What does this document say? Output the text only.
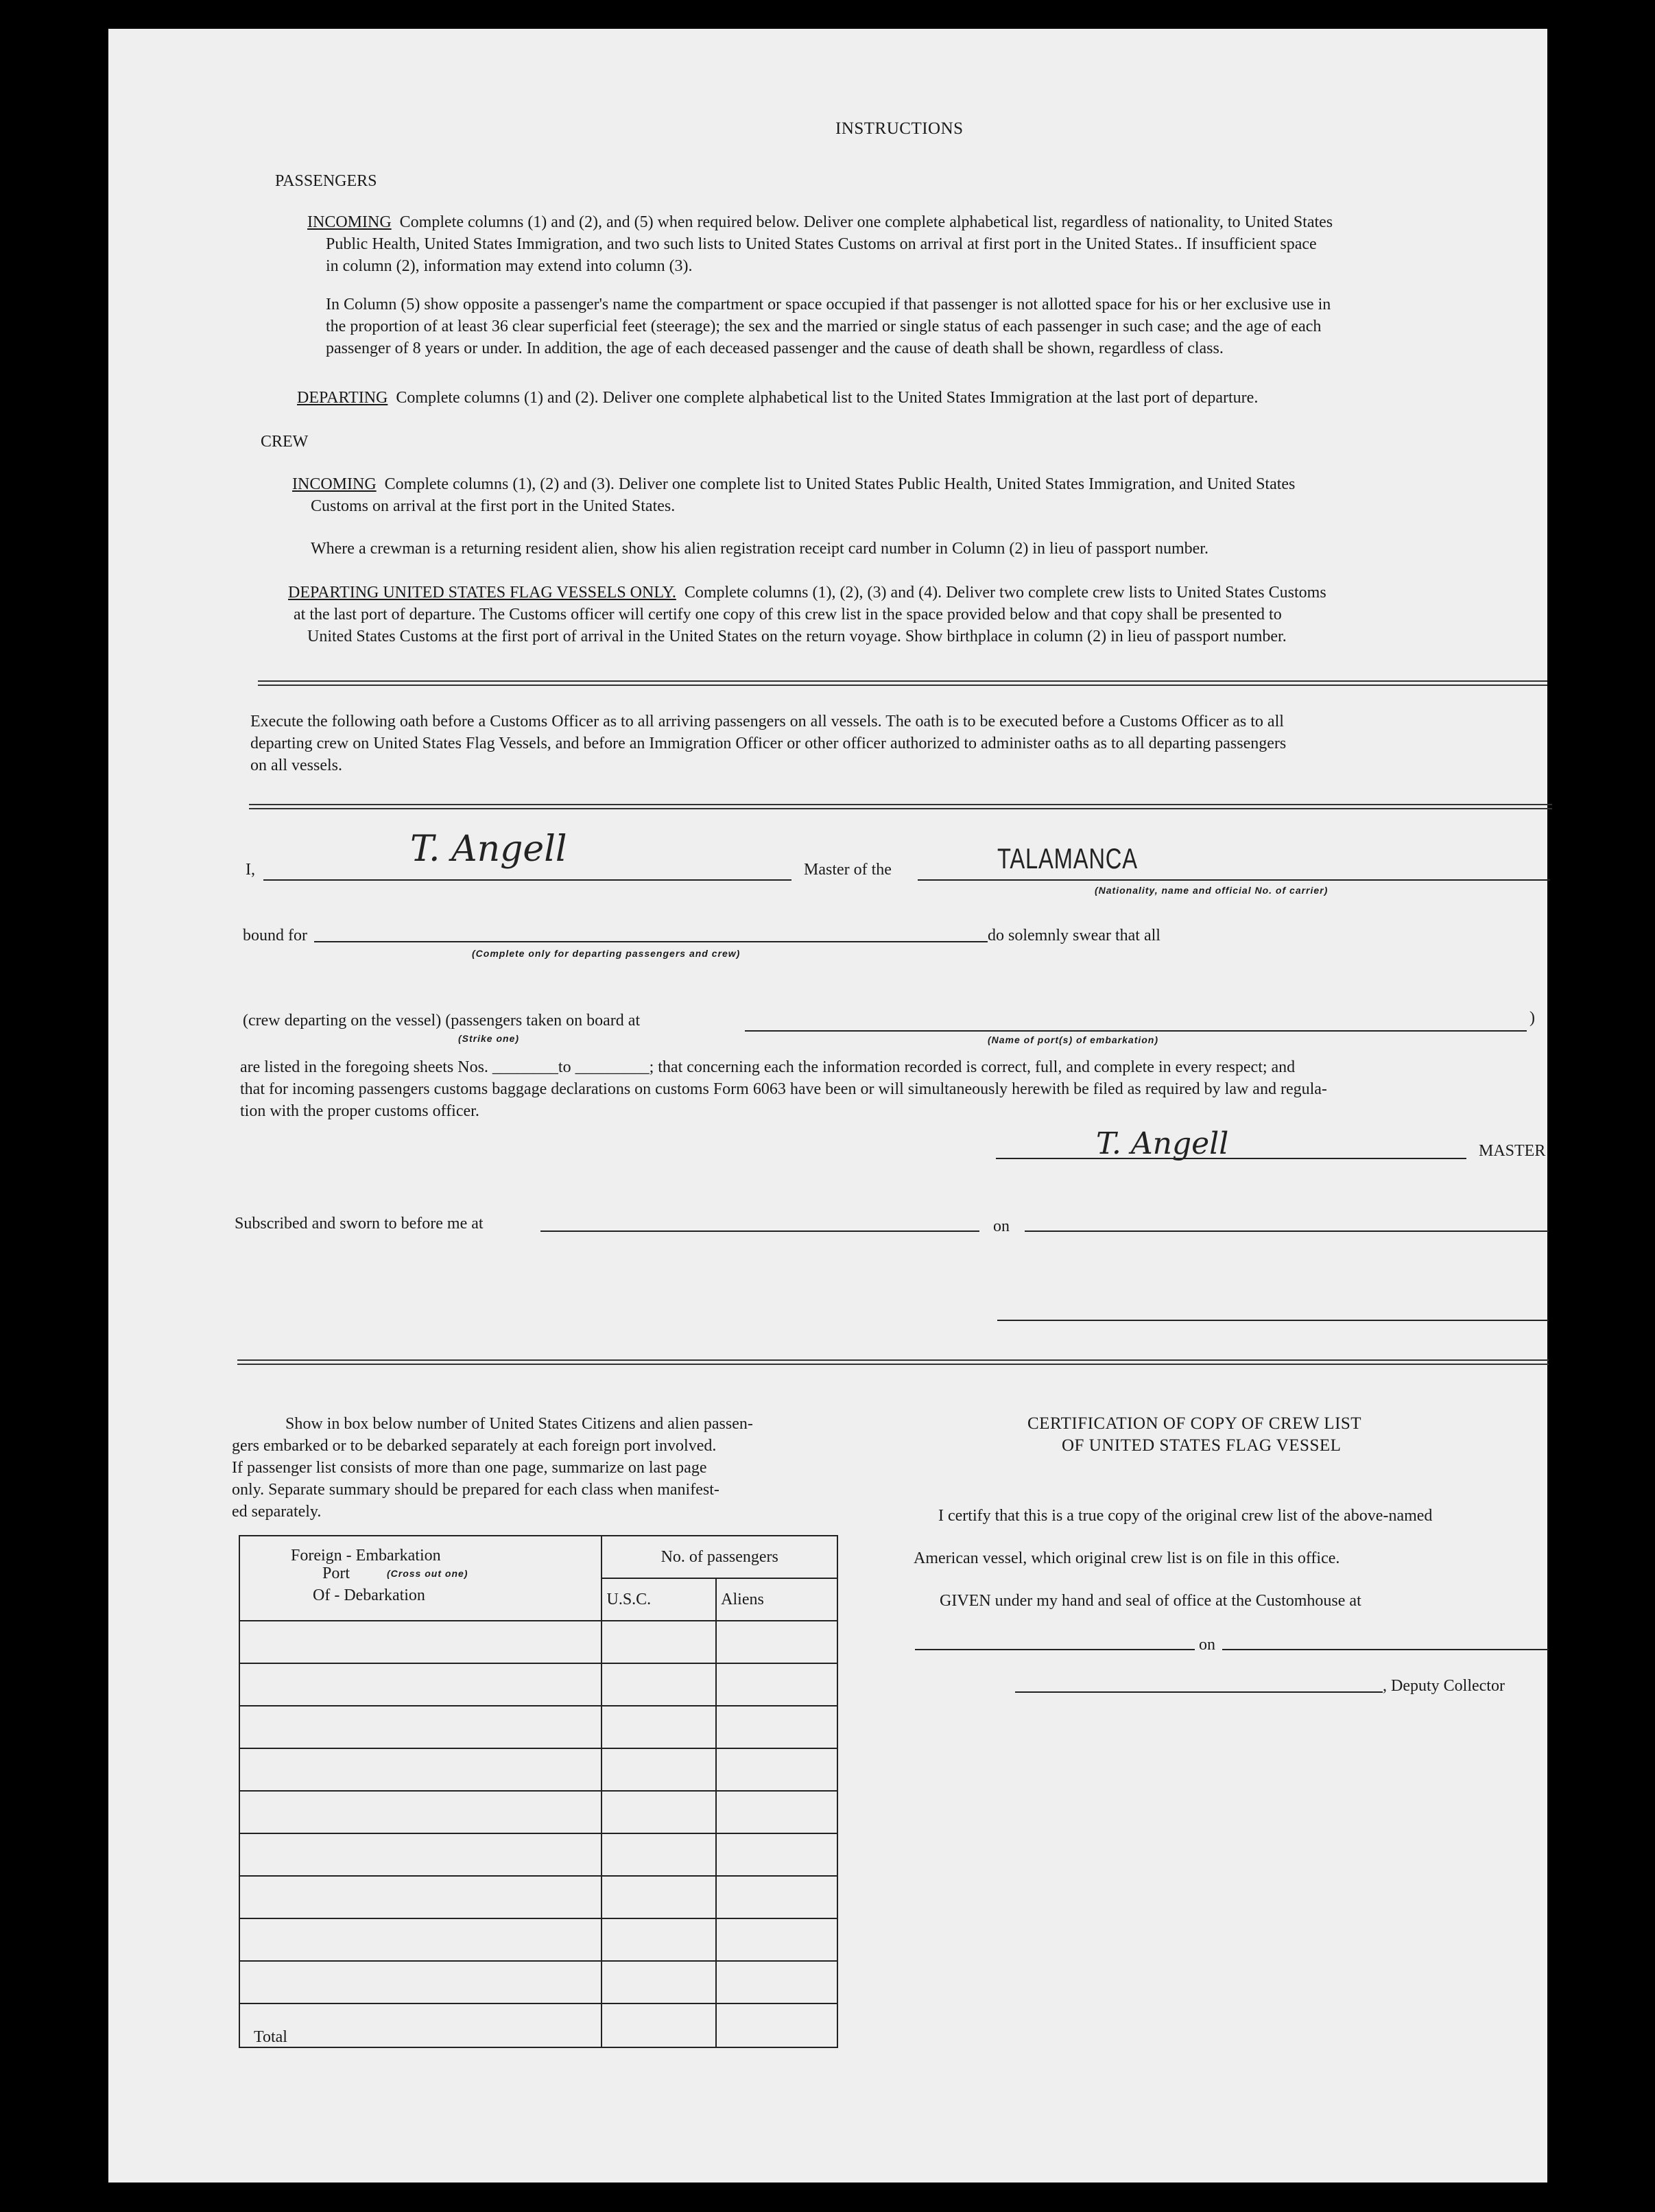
INSTRUCTIONS
PASSENGERS
INCOMING Complete columns (1) and (2), and (5) when required below. Deliver one complete alphabetical list, regardless of nationality, to United States
Public Health, United States Immigration, and two such lists to United States Customs on arrival at first port in the United States.. If insufficient space
in column (2), information may extend into column (3).
In Column (5) show opposite a passenger's name the compartment or space occupied if that passenger is not allotted space for his or her exclusive use in
the proportion of at least 36 clear superficial feet (steerage); the sex and the married or single status of each passenger in such case; and the age of each
passenger of 8 years or under. In addition, the age of each deceased passenger and the cause of death shall be shown, regardless of class.
DEPARTING Complete columns (1) and (2). Deliver one complete alphabetical list to the United States Immigration at the last port of departure.
CREW
INCOMING Complete columns (1), (2) and (3). Deliver one complete list to United States Public Health, United States Immigration, and United States
Customs on arrival at the first port in the United States.
Where a crewman is a returning resident alien, show his alien registration receipt card number in Column (2) in lieu of passport number.
DEPARTING UNITED STATES FLAG VESSELS ONLY. Complete columns (1), (2), (3) and (4). Deliver two complete crew lists to United States Customs
at the last port of departure. The Customs officer will certify one copy of this crew list in the space provided below and that copy shall be presented to
United States Customs at the first port of arrival in the United States on the return voyage. Show birthplace in column (2) in lieu of passport number.
Execute the following oath before a Customs Officer as to all arriving passengers on all vessels. The oath is to be executed before a Customs Officer as to all
departing crew on United States Flag Vessels, and before an Immigration Officer or other officer authorized to administer oaths as to all departing passengers
on all vessels.
I,	T. Angell	Master of the	TALAMANCA
(Nationality, name and official No. of carrier)
bound for	do solemnly swear that all
(Complete only for departing passengers and crew)
(crew departing on the vessel) (passengers taken on board at
(Strike one)
)
(Name of port(s) of embarkation)
are listed in the foregoing sheets Nos. ________to _________; that concerning each the information recorded is correct, full, and complete in every respect; and
that for incoming passengers customs baggage declarations on customs Form 6063 have been or will simultaneously herewith be filed as required by law and regula-
tion with the proper customs officer.
T. Angell	MASTER
Subscribed and sworn to before me at	on
Show in box below number of United States Citizens and alien passen-
gers embarked or to be debarked separately at each foreign port involved.
If passenger list consists of more than one page, summarize on last page
only. Separate summary should be prepared for each class when manifest-
ed separately.
Foreign - Embarkation
Port (Cross out one)
Of - Debarkation	No. of passengers	
	U.S.C.	Aliens

Total		
CERTIFICATION OF COPY OF CREW LIST
OF UNITED STATES FLAG VESSEL
I certify that this is a true copy of the original crew list of the above-named
American vessel, which original crew list is on file in this office.
GIVEN under my hand and seal of office at the Customhouse at
on
, Deputy Collector
